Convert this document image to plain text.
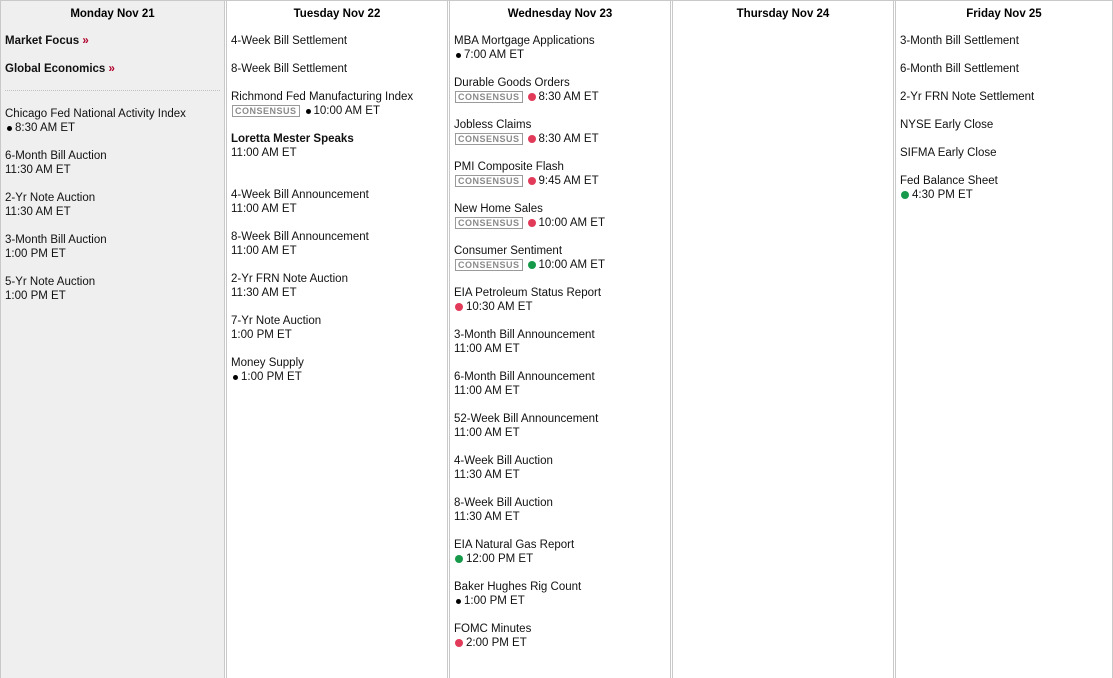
Monday Nov 21
Market Focus »
Global Economics »
Chicago Fed National Activity Index
8:30 AM ET
6-Month Bill Auction
11:30 AM ET
2-Yr Note Auction
11:30 AM ET
3-Month Bill Auction
1:00 PM ET
5-Yr Note Auction
1:00 PM ET
Tuesday Nov 22
4-Week Bill Settlement
8-Week Bill Settlement
Richmond Fed Manufacturing Index
CONSENSUS 10:00 AM ET
Loretta Mester Speaks
11:00 AM ET
4-Week Bill Announcement
11:00 AM ET
8-Week Bill Announcement
11:00 AM ET
2-Yr FRN Note Auction
11:30 AM ET
7-Yr Note Auction
1:00 PM ET
Money Supply
1:00 PM ET
Wednesday Nov 23
MBA Mortgage Applications
7:00 AM ET
Durable Goods Orders
CONSENSUS 8:30 AM ET
Jobless Claims
CONSENSUS 8:30 AM ET
PMI Composite Flash
CONSENSUS 9:45 AM ET
New Home Sales
CONSENSUS 10:00 AM ET
Consumer Sentiment
CONSENSUS 10:00 AM ET
EIA Petroleum Status Report
10:30 AM ET
3-Month Bill Announcement
11:00 AM ET
6-Month Bill Announcement
11:00 AM ET
52-Week Bill Announcement
11:00 AM ET
4-Week Bill Auction
11:30 AM ET
8-Week Bill Auction
11:30 AM ET
EIA Natural Gas Report
12:00 PM ET
Baker Hughes Rig Count
1:00 PM ET
FOMC Minutes
2:00 PM ET
Thursday Nov 24	Friday Nov 25
3-Month Bill Settlement
6-Month Bill Settlement
2-Yr FRN Note Settlement
NYSE Early Close
SIFMA Early Close
Fed Balance Sheet
4:30 PM ET
